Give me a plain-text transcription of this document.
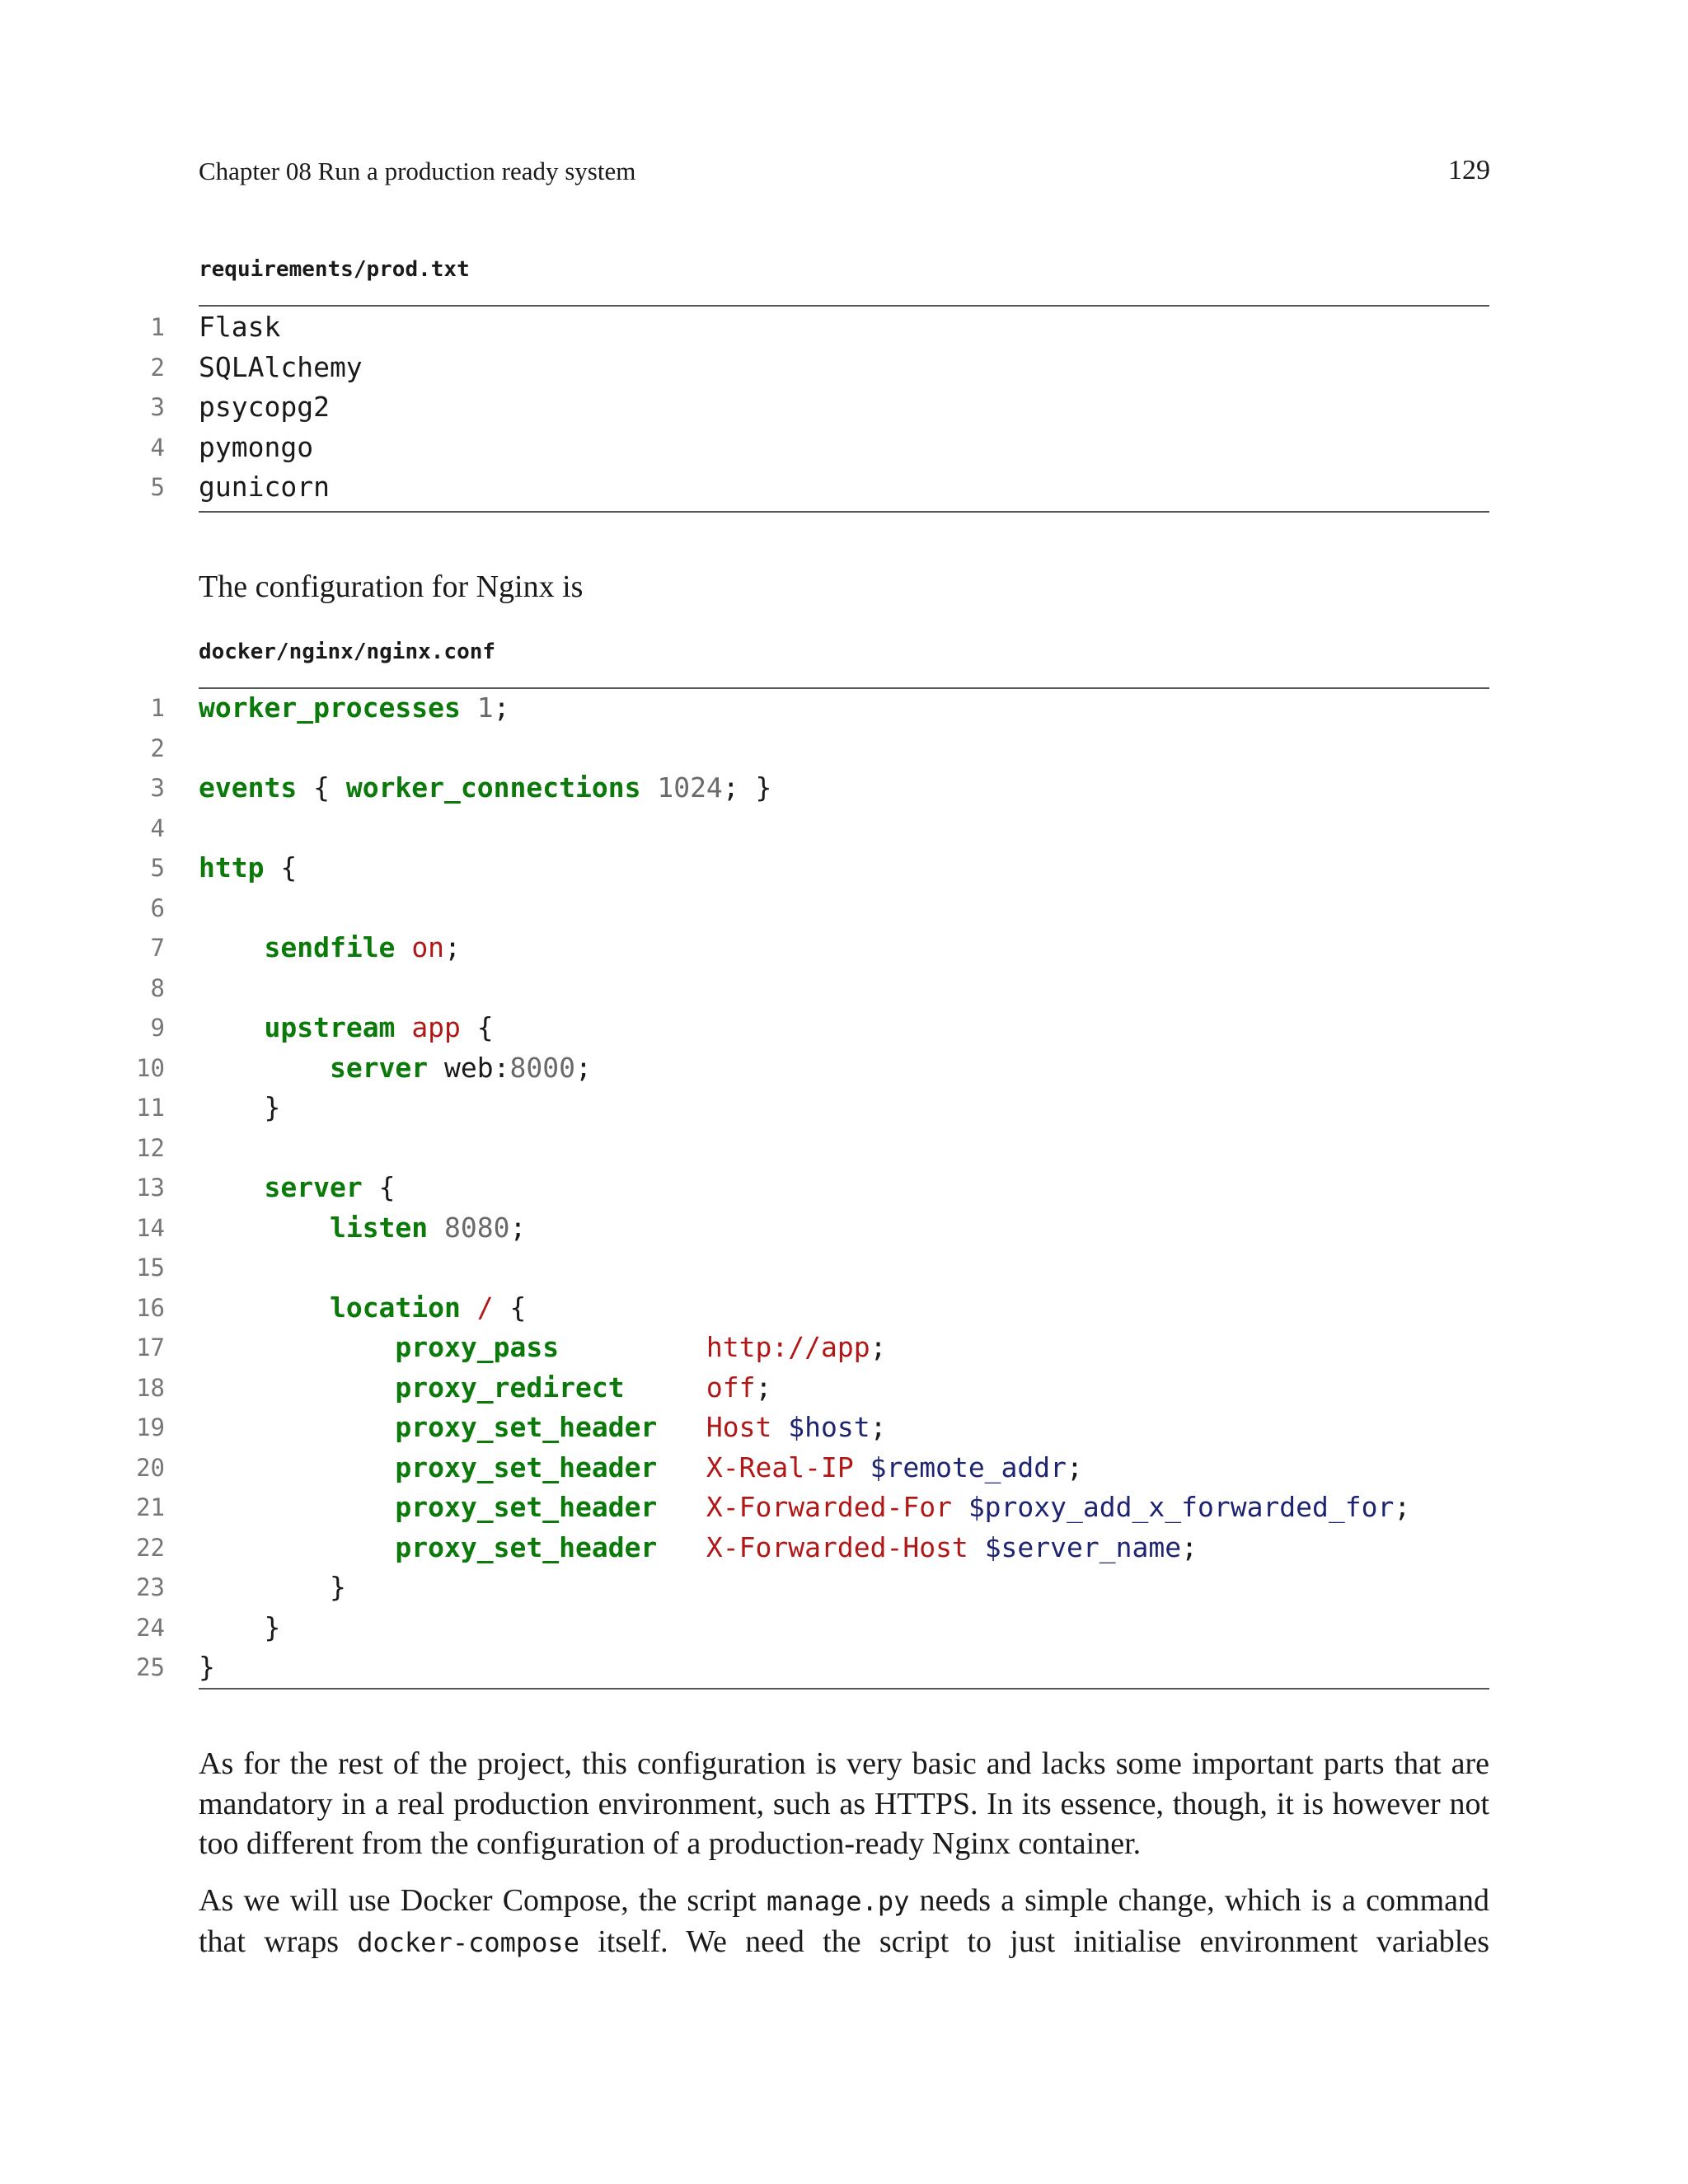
Chapter 08 Run a production ready system	129
requirements/prod.txt
1 Flask
2 SQLAlchemy
3 psycopg2
4 pymongo
5 gunicorn
The configuration for Nginx is
docker/nginx/nginx.conf
1 worker_processes 1;
2
3 events { worker_connections 1024; }
4
5 http {
6
7	sendfile on;
8
9	upstream app {
10	server web:8000;
11 }
12
13	server {
14	listen 8080;
15
16	location / {
17	proxy_pass	http://app;
18	proxy_redirect	off;
19	proxy_set_header Host $host;
20	proxy_set_header X-Real-IP $remote_addr;
21	proxy_set_header X-Forwarded-For $proxy_add_x_forwarded_for;
22	proxy_set_header X-Forwarded-Host $server_name;
23 }
24 }
25 }
As for the rest of the project, this configuration is very basic and lacks some important parts that are mandatory in a real production environment, such as HTTPS. In its essence, though, it is however not too different from the configuration of a production-ready Nginx container.
As we will use Docker Compose, the script manage.py needs a simple change, which is a command that wraps docker-compose itself. We need the script to just initialise environment variables
